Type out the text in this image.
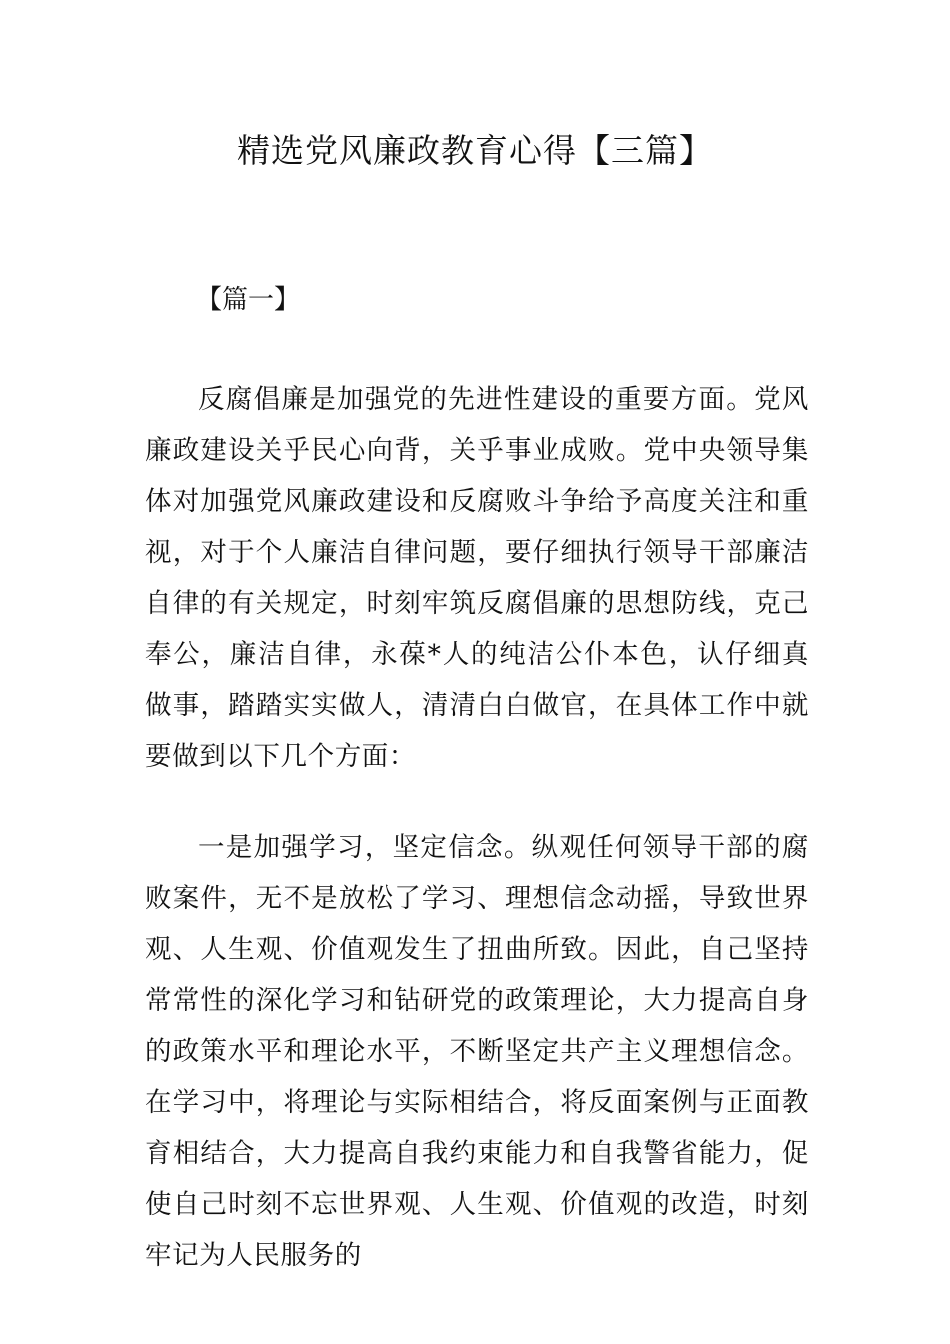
精选党风廉政教育心得【三篇】

【篇一】

反腐倡廉是加强党的先进性建设的重要方面。党风廉政建设关乎民心向背，关乎事业成败。党中央领导集体对加强党风廉政建设和反腐败斗争给予高度关注和重视，对于个人廉洁自律问题，要仔细执行领导干部廉洁自律的有关规定，时刻牢筑反腐倡廉的思想防线，克己奉公，廉洁自律，永葆*人的纯洁公仆本色，认仔细真做事，踏踏实实做人，清清白白做官，在具体工作中就要做到以下几个方面：

一是加强学习，坚定信念。纵观任何领导干部的腐败案件，无不是放松了学习、理想信念动摇，导致世界观、人生观、价值观发生了扭曲所致。因此，自己坚持常常性的深化学习和钻研党的政策理论，大力提高自身的政策水平和理论水平，不断坚定共产主义理想信念。在学习中，将理论与实际相结合，将反面案例与正面教育相结合，大力提高自我约束能力和自我警省能力，促使自己时刻不忘世界观、人生观、价值观的改造，时刻牢记为人民服务的
